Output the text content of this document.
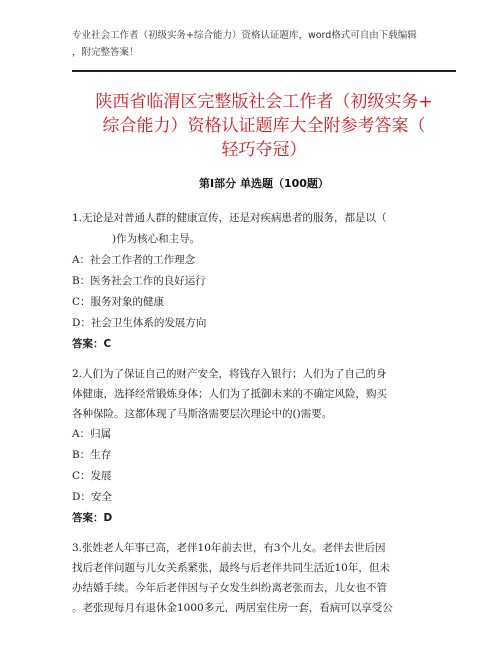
专业社会工作者（初级实务+综合能力）资格认证题库，word格式可自由下载编辑
，附完整答案！
陕西省临渭区完整版社会工作者（初级实务+
综合能力）资格认证题库大全附参考答案（
轻巧夺冠）
第Ⅰ部分 单选题（100题）
1.无论是对普通人群的健康宣传，还是对疾病患者的服务，都是以（
)作为核心和主导。
A：社会工作者的工作理念
B：医务社会工作的良好运行
C：服务对象的健康
D：社会卫生体系的发展方向
答案：C
2.人们为了保证自己的财产安全，将钱存入银行；人们为了自己的身
体健康，选择经常锻炼身体；人们为了抵御未来的不确定风险，购买
各种保险。这都体现了马斯洛需要层次理论中的()需要。
A：归属
B：生存
C：发展
D：安全
答案：D
3.张姓老人年事已高，老伴10年前去世，有3个儿女。老伴去世后因
找后老伴问题与儿女关系紧张，最终与后老伴共同生活近10年，但未
办结婚手续。今年后老伴因与子女发生纠纷离老张而去，儿女也不管
。老张现每月有退休金1000多元，两居室住房一套，看病可以享受公
